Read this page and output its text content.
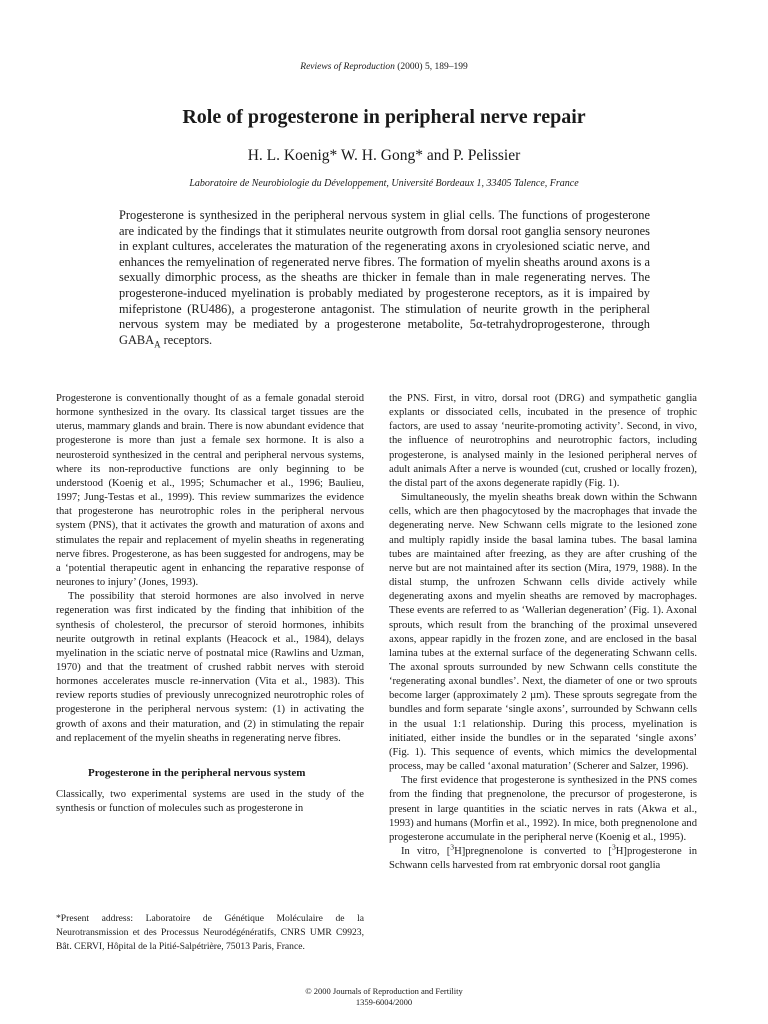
Reviews of Reproduction (2000) 5, 189–199
Role of progesterone in peripheral nerve repair
H. L. Koenig* W. H. Gong* and P. Pelissier
Laboratoire de Neurobiologie du Développement, Université Bordeaux 1, 33405 Talence, France

Progesterone is synthesized in the peripheral nervous system in glial cells. The functions of progesterone are indicated by the findings that it stimulates neurite outgrowth from dorsal root ganglia sensory neurones in explant cultures, accelerates the maturation of the regenerating axons in cryolesioned sciatic nerve, and enhances the remyelination of regenerated nerve fibres. The formation of myelin sheaths around axons is a sexually dimorphic process, as the sheaths are thicker in female than in male regenerating nerves. The progesterone-induced myelination is probably mediated by progesterone receptors, as it is impaired by mifepristone (RU486), a progesterone antagonist. The stimulation of neurite growth in the peripheral nervous system may be mediated by a progesterone metabolite, 5α-tetrahydroprogesterone, through $GABA_A$ receptors.

Progesterone is conventionally thought of as a female gonadal steroid hormone synthesized in the ovary. Its classical target tissues are the uterus, mammary glands and brain. There is now abundant evidence that progesterone is more than just a female sex hormone. It is also a neurosteroid synthesized in the central and peripheral nervous systems, where its non-reproductive functions are only beginning to be understood (Koenig et al., 1995; Schumacher et al., 1996; Baulieu, 1997; Jung-Testas et al., 1999). This review summarizes the evidence that progesterone has neurotrophic roles in the peripheral nervous system (PNS), that it activates the growth and maturation of axons and stimulates the repair and replacement of myelin sheaths in regenerating nerve fibres. Progesterone, as has been suggested for androgens, may be a ‘potential therapeutic agent in enhancing the reparative response of neurones to injury’ (Jones, 1993).

The possibility that steroid hormones are also involved in nerve regeneration was first indicated by the finding that inhibition of the synthesis of cholesterol, the precursor of steroid hormones, inhibits neurite outgrowth in retinal explants (Heacock et al., 1984), delays myelination in the sciatic nerve of postnatal mice (Rawlins and Uzman, 1970) and that the treatment of crushed rabbit nerves with steroid hormones accelerates muscle re-innervation (Vita et al., 1983). This review reports studies of previously unrecognized neurotrophic roles of progesterone in the peripheral nervous system: (1) in activating the growth of axons and their maturation, and (2) in stimulating the repair and replacement of the myelin sheaths in regenerating nerve fibres.

Progesterone in the peripheral nervous system

Classically, two experimental systems are used in the study of the synthesis or function of molecules such as progesterone in

*Present address: Laboratoire de Génétique Moléculaire de la Neurotransmission et des Processus Neurodégénératifs, CNRS UMR C9923, Bât. CERVI, Hôpital de la Pitié-Salpétrière, 75013 Paris, France.

the PNS. First, in vitro, dorsal root (DRG) and sympathetic ganglia explants or dissociated cells, incubated in the presence of trophic factors, are used to assay ‘neurite-promoting activity’. Second, in vivo, the influence of neurotrophins and neurotrophic factors, including progesterone, is analysed mainly in the lesioned peripheral nerves of adult animals After a nerve is wounded (cut, crushed or locally frozen), the distal part of the axons degenerate rapidly (Fig. 1).

Simultaneously, the myelin sheaths break down within the Schwann cells, which are then phagocytosed by the macrophages that invade the degenerating nerve. New Schwann cells migrate to the lesioned zone and multiply rapidly inside the basal lamina tubes. The basal lamina tubes are maintained after freezing, as they are after crushing of the nerve but are not maintained after its section (Mira, 1979, 1988). In the distal stump, the unfrozen Schwann cells divide actively while degenerating axons and myelin sheaths are removed by macrophages. These events are referred to as ‘Wallerian degeneration’ (Fig. 1). Axonal sprouts, which result from the branching of the proximal unsevered axons, appear rapidly in the frozen zone, and are enclosed in the basal lamina tubes at the external surface of the degenerating Schwann cells. The axonal sprouts surrounded by new Schwann cells constitute the ‘regenerating axonal bundles’. Next, the diameter of one or two sprouts become larger (approximately 2 µm). These sprouts segregate from the bundles and form separate ‘single axons’, surrounded by Schwann cells in the usual 1:1 relationship. During this process, myelination is initiated, either inside the bundles or in the separated ‘single axons’ (Fig. 1). This sequence of events, which mimics the developmental process, may be called ‘axonal maturation’ (Scherer and Salzer, 1996).

The first evidence that progesterone is synthesized in the PNS comes from the finding that pregnenolone, the precursor of progesterone, is present in large quantities in the sciatic nerves in rats (Akwa et al., 1993) and humans (Morfin et al., 1992). In mice, both pregnenolone and progesterone accumulate in the peripheral nerve (Koenig et al., 1995).

In vitro, [$^3$H]pregnenolone is converted to [$^3$H]progesterone in Schwann cells harvested from rat embryonic dorsal root ganglia

© 2000 Journals of Reproduction and Fertility
1359-6004/2000
